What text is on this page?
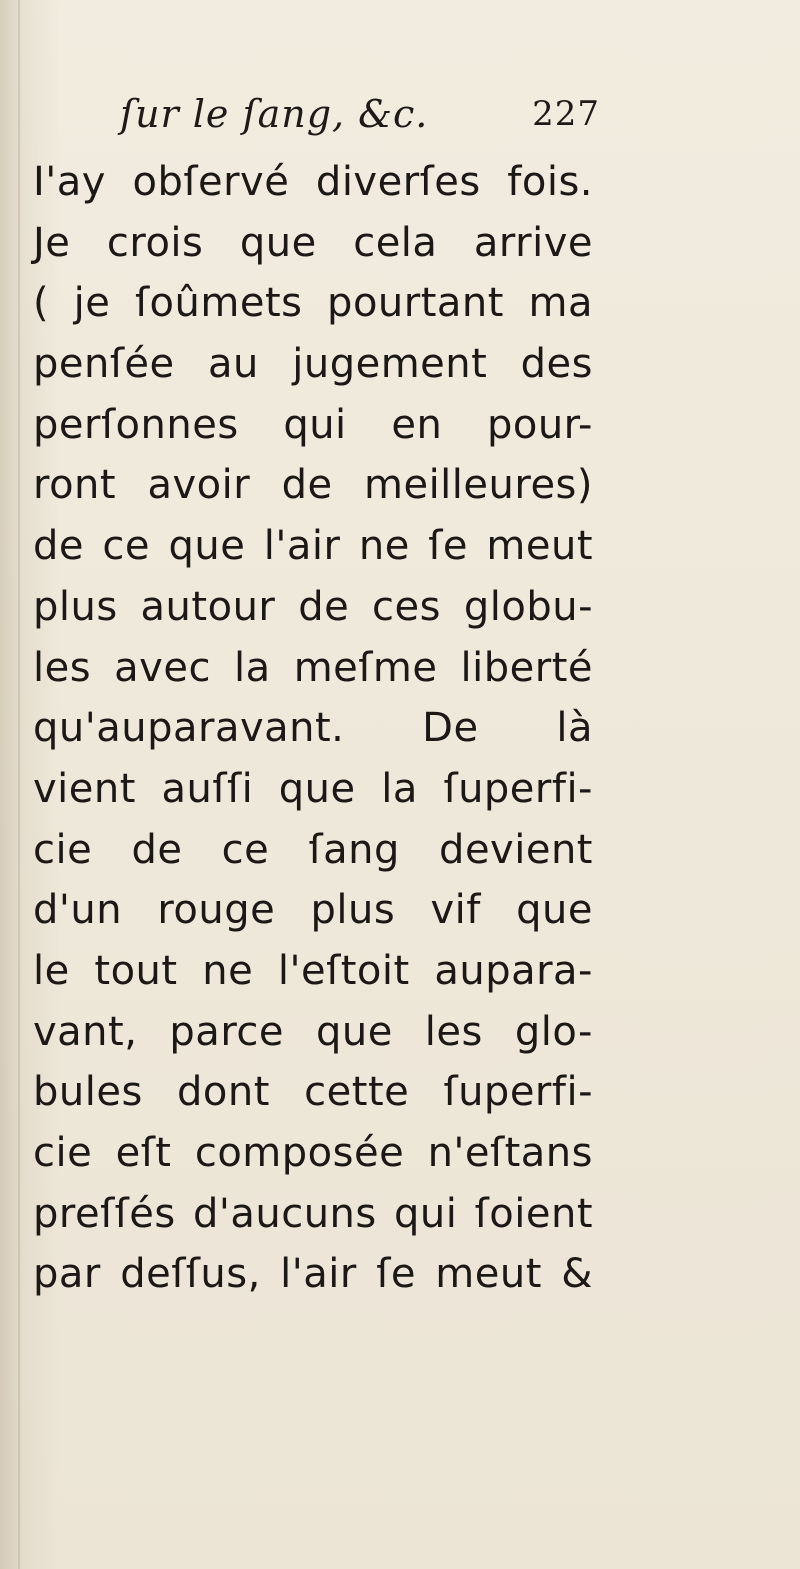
ſur le ſang, &c.	227
I'ay obſervé diverſes fois.
Je crois que cela arrive
( je ſoûmets pourtant ma
penſée au jugement des
perſonnes qui en pour-
ront avoir de meilleures)
de ce que l'air ne ſe meut
plus autour de ces globu-
les avec la meſme liberté
qu'auparavant. De là
vient auſſi que la ſuperfi-
cie de ce ſang devient
d'un rouge plus vif que
le tout ne l'eſtoit aupara-
vant, parce que les glo-
bules dont cette ſuperfi-
cie eſt composée n'eſtans
preſſés d'aucuns qui ſoient
par deſſus, l'air ſe meut &
